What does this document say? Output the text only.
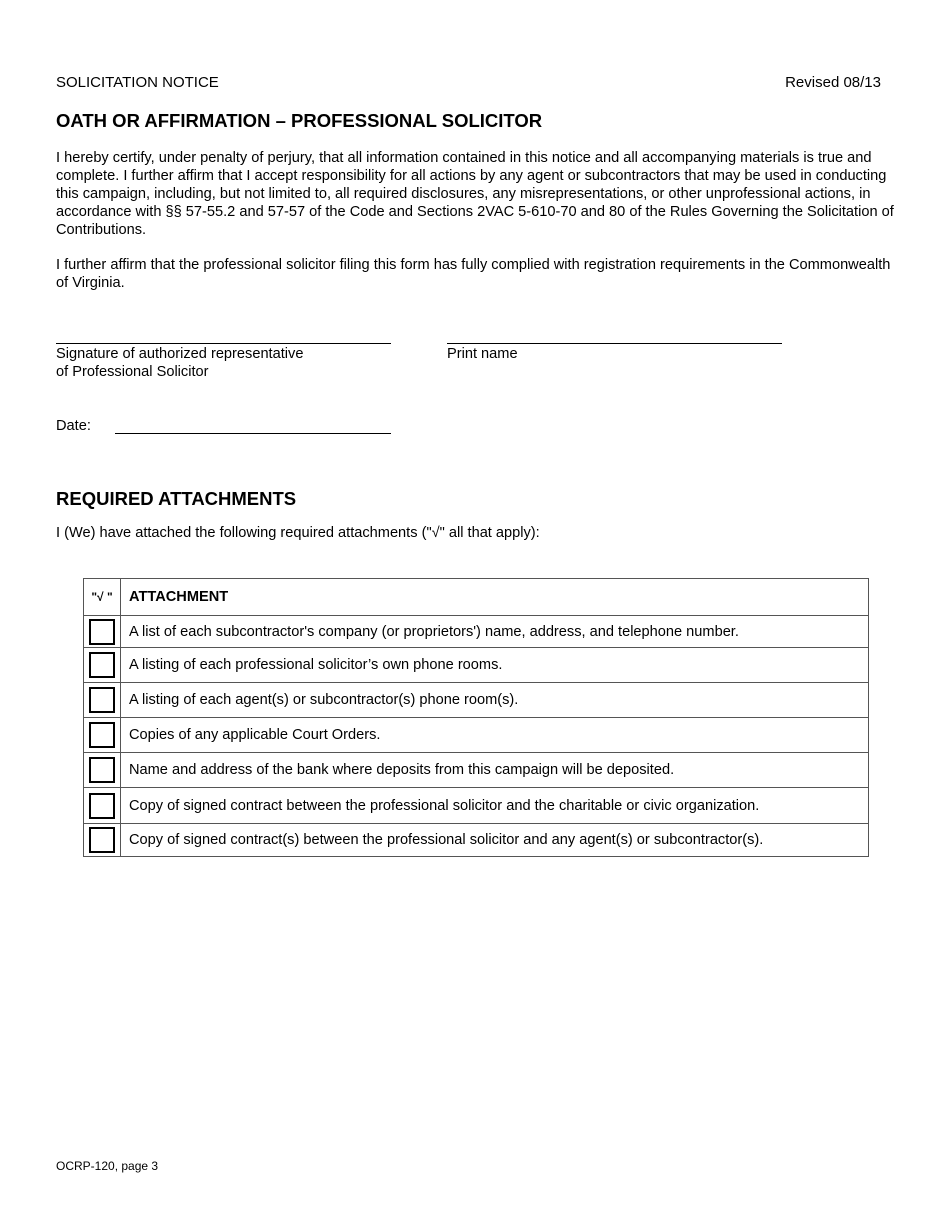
SOLICITATION NOTICE	Revised 08/13
OATH OR AFFIRMATION – PROFESSIONAL SOLICITOR
I hereby certify, under penalty of perjury, that all information contained in this notice and all accompanying materials is true and complete. I further affirm that I accept responsibility for all actions by any agent or subcontractors that may be used in conducting this campaign, including, but not limited to, all required disclosures, any misrepresentations, or other unprofessional actions, in accordance with §§ 57-55.2 and 57-57 of the Code and Sections 2VAC 5-610-70 and 80 of the Rules Governing the Solicitation of Contributions.
I further affirm that the professional solicitor filing this form has fully complied with registration requirements in the Commonwealth of Virginia.
Signature of authorized representative
of Professional Solicitor
Print name
Date:
REQUIRED ATTACHMENTS
I (We) have attached the following required attachments ("√" all that apply):
"√ "	ATTACHMENT
	A list of each subcontractor's company (or proprietors') name, address, and telephone number.
	A listing of each professional solicitor’s own phone rooms.
	A listing of each agent(s) or subcontractor(s) phone room(s).
	Copies of any applicable Court Orders.
	Name and address of the bank where deposits from this campaign will be deposited.
	Copy of signed contract between the professional solicitor and the charitable or civic organization.
	Copy of signed contract(s) between the professional solicitor and any agent(s) or subcontractor(s).
OCRP-120, page 3
